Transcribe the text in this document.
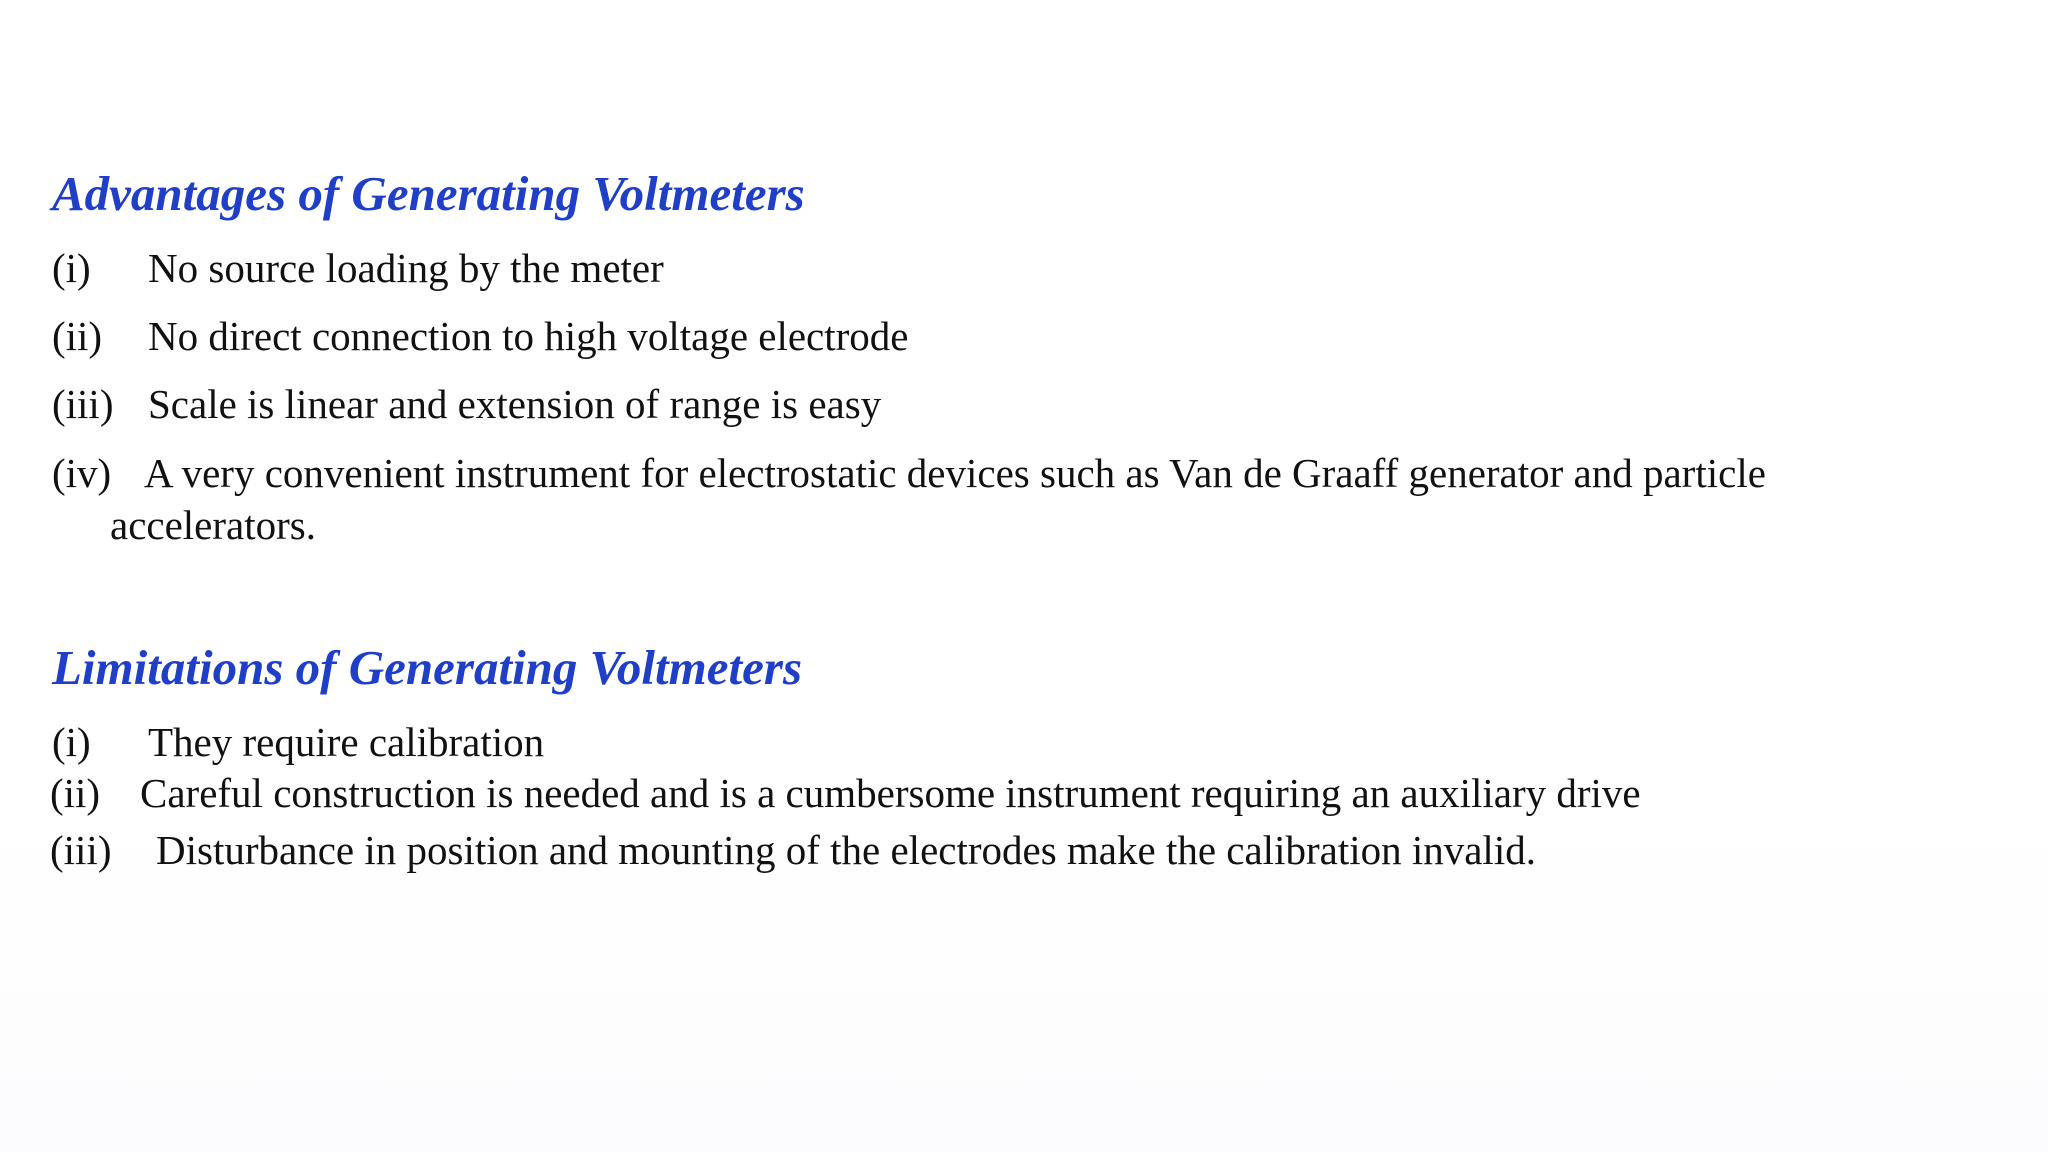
Advantages of Generating Voltmeters
(i) No source loading by the meter
(ii) No direct connection to high voltage electrode
(iii) Scale is linear and extension of range is easy
(iv) A very convenient instrument for electrostatic devices such as Van de Graaff generator and particle
accelerators.
Limitations of Generating Voltmeters
(i) They require calibration
(ii) Careful construction is needed and is a cumbersome instrument requiring an auxiliary drive
(iii) Disturbance in position and mounting of the electrodes make the calibration invalid.
